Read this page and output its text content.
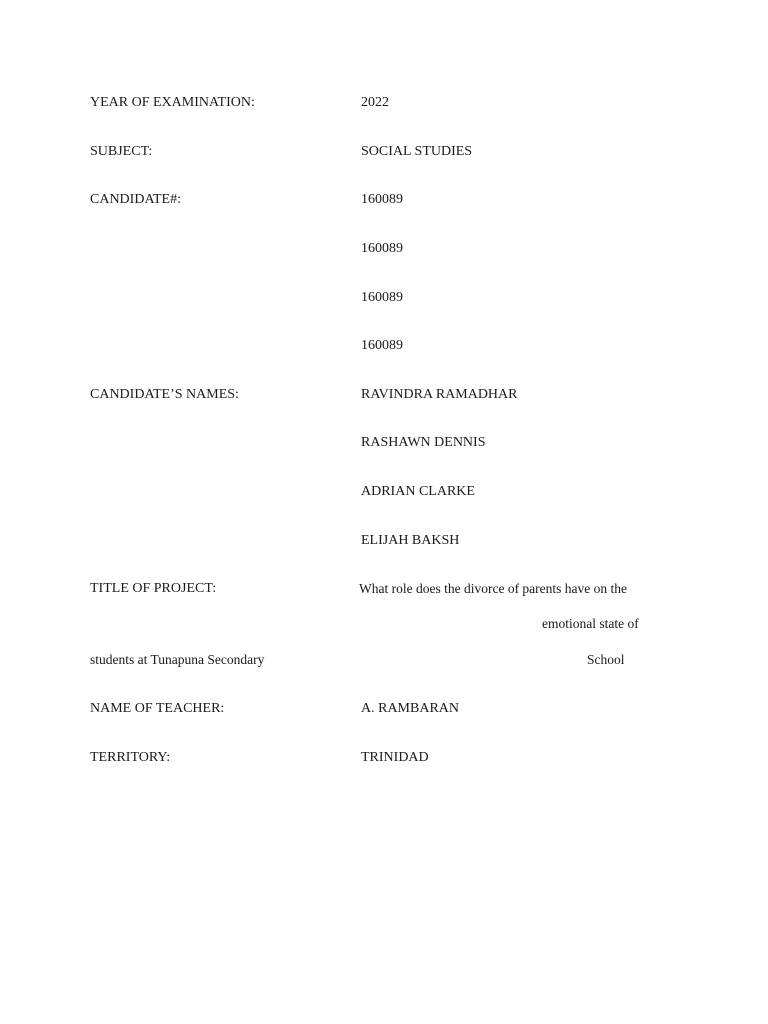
YEAR OF EXAMINATION:	2022
SUBJECT:	SOCIAL STUDIES
CANDIDATE#:	160089
160089
160089
160089
CANDIDATE’S NAMES:	RAVINDRA RAMADHAR
RASHAWN DENNIS
ADRIAN CLARKE
ELIJAH BAKSH
TITLE OF PROJECT:	What role does the divorce of parents have on the
emotional state of
students at Tunapuna Secondary	School
NAME OF TEACHER:	A. RAMBARAN
TERRITORY:	TRINIDAD
